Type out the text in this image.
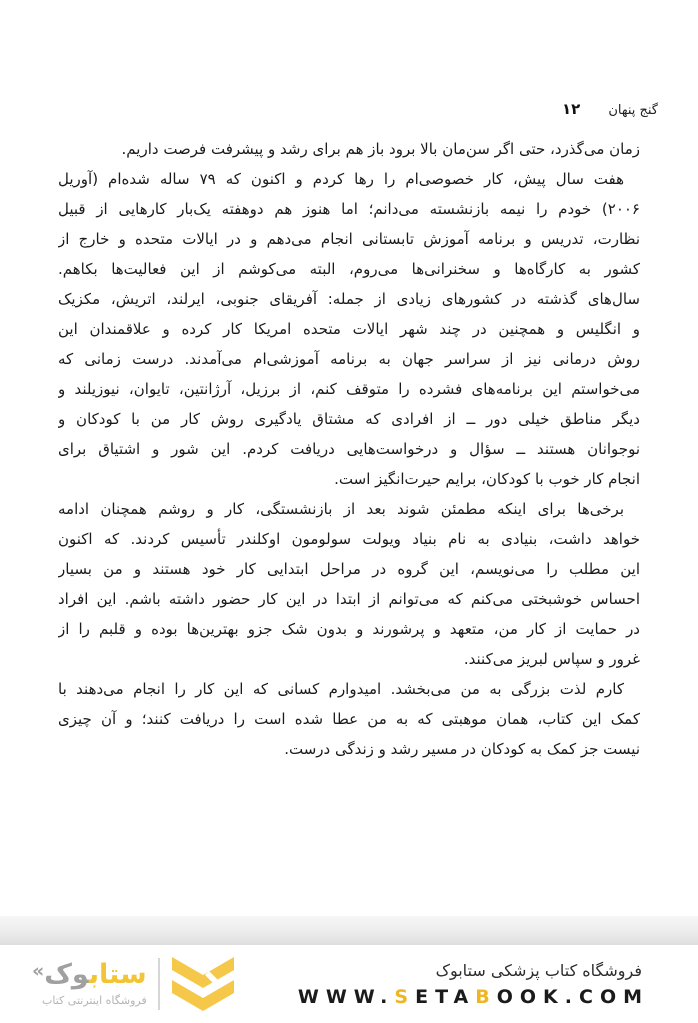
گنج پنهان
۱۲
زمان می‌گذرد، حتی اگر سن‌مان بالا برود باز هم برای رشد و پیشرفت فرصت داریم.
هفت سال پیش، کار خصوصی‌ام را رها کردم و اکنون که ۷۹ ساله شده‌ام (آوریل
۲۰۰۶) خودم را نیمه بازنشسته می‌دانم؛ اما هنوز هم دوهفته یک‌بار کارهایی از قبیل
نظارت، تدریس و برنامه آموزش تابستانی انجام می‌دهم و در ایالات متحده و خارج از
کشور به کارگاه‌ها و سخنرانی‌ها می‌روم، البته می‌کوشم از این فعالیت‌ها بکاهم.
سال‌های گذشته در کشورهای زیادی از جمله: آفریقای جنوبی، ایرلند، اتریش، مکزیک
و انگلیس و همچنین در چند شهر ایالات متحده امریکا کار کرده و علاقمندان این
روش درمانی نیز از سراسر جهان به برنامه آموزشی‌ام می‌آمدند. درست زمانی که
می‌خواستم این برنامه‌های فشرده را متوقف کنم، از برزیل، آرژانتین، تایوان، نیوزیلند و
دیگر مناطق خیلی دور ــ از افرادی که مشتاق یادگیری روش کار من با کودکان و
نوجوانان هستند ــ سؤال و درخواست‌هایی دریافت کردم. این شور و اشتیاق برای
انجام کار خوب با کودکان، برایم حیرت‌انگیز است.
برخی‌ها برای اینکه مطمئن شوند بعد از بازنشستگی، کار و روشم همچنان ادامه
خواهد داشت، بنیادی به نام بنیاد ویولت سولومون اوکلندر تأسیس کردند. که اکنون
این مطلب را می‌نویسم، این گروه در مراحل ابتدایی کار خود هستند و من بسیار
احساس خوشبختی می‌کنم که می‌توانم از ابتدا در این کار حضور داشته باشم. این افراد
در حمایت از کار من، متعهد و پرشورند و بدون شک جزو بهترین‌ها بوده و قلبم را از
غرور و سپاس لبریز می‌کنند.
کارم لذت بزرگی به من می‌بخشد. امیدوارم کسانی که این کار را انجام می‌دهند با
کمک این کتاب، همان موهبتی که به من عطا شده است را دریافت کنند؛ و آن چیزی
نیست جز کمک به کودکان در مسیر رشد و زندگی درست.
ستابوک«
فروشگاه اینترنتی کتاب
فروشگاه کتاب پزشکی ستابوک
WWW.SETABOOK.COM
